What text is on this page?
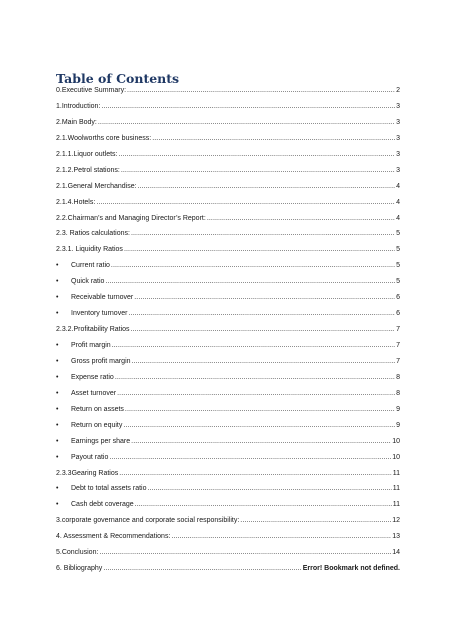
Table of Contents
0.Executive Summary: .....	2
1.Introduction: .....	3
2.Main Body: .....	3
2.1.Woolworths core business: .....	3
2.1.1.Liquor outlets: .....	3
2.1.2.Petrol stations: .....	3
2.1.General Merchandise: .....	4
2.1.4.Hotels: .....	4
2.2.Chairman’s and Managing Director’s Report: .....	4
2.3. Ratios calculations: .....	5
2.3.1. Liquidity Ratios .....	5
•	Current ratio .....	5
•	Quick ratio .....	5
•	Receivable turnover .....	6
•	Inventory turnover .....	6
2.3.2.Profitability Ratios .....	7
•	Profit margin .....	7
•	Gross profit margin .....	7
•	Expense ratio .....	8
•	Asset turnover .....	8
•	Return on assets .....	9
•	Return on equity .....	9
•	Earnings per share .....	10
•	Payout ratio .....	10
2.3.3Gearing Ratios .....	11
•	Debt to total assets ratio .....	11
•	Cash debt coverage .....	11
3.corporate governance and corporate social responsibility: .....	12
4. Assessment & Recommendations: .....	13
5.Conclusion: .....	14
6. Bibliography .....	Error! Bookmark not defined.
